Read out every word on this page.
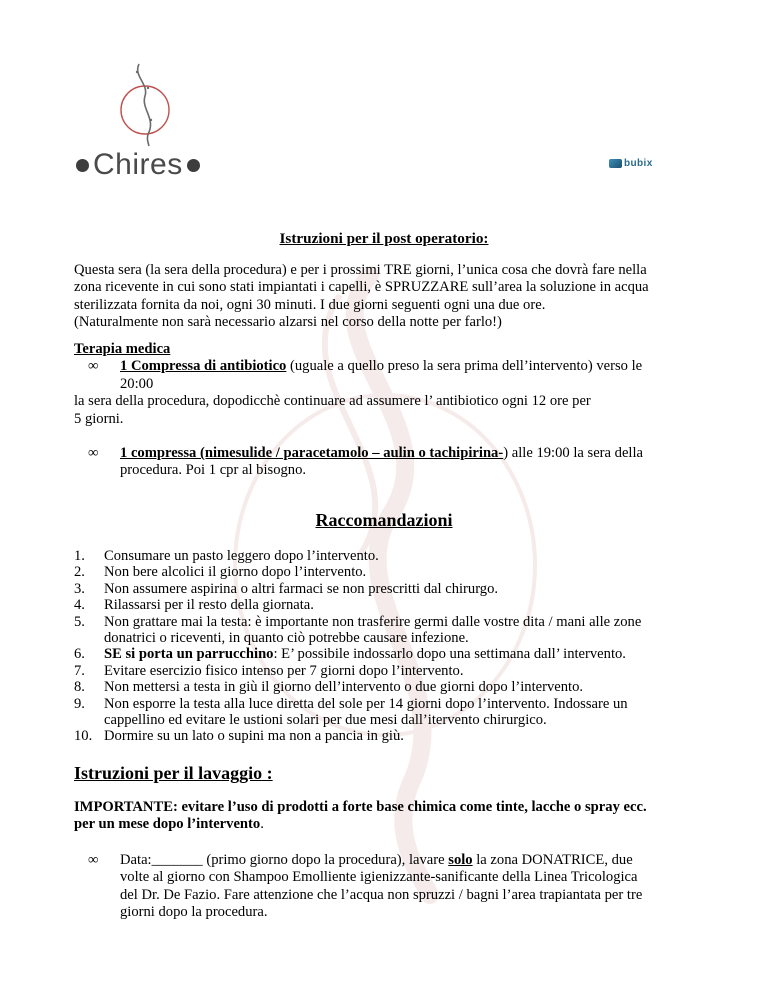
Chires	bubix
Istruzioni per il post operatorio:
Questa sera (la sera della procedura) e per i prossimi TRE giorni, l’unica cosa che dovrà fare nella
zona ricevente in cui sono stati impiantati i capelli, è SPRUZZARE sull’area la soluzione in acqua
sterilizzata fornita da noi, ogni 30 minuti. I due giorni seguenti ogni una due ore.
(Naturalmente non sarà necessario alzarsi nel corso della notte per farlo!)
Terapia medica
∞ 1 Compressa di antibiotico (uguale a quello preso la sera prima dell’intervento) verso le
20:00
la sera della procedura, dopodicchè continuare ad assumere l’ antibiotico ogni 12 ore per
5 giorni.
∞ 1 compressa (nimesulide / paracetamolo – aulin o tachipirina-) alle 19:00 la sera della
procedura. Poi 1 cpr al bisogno.
Raccomandazioni
1.	Consumare un pasto leggero dopo l’intervento.
2.	Non bere alcolici il giorno dopo l’intervento.
3.	Non assumere aspirina o altri farmaci se non prescritti dal chirurgo.
4.	Rilassarsi per il resto della giornata.
5.	Non grattare mai la testa: è importante non trasferire germi dalle vostre dita / mani alle zone
donatrici o riceventi, in quanto ciò potrebbe causare infezione.
6.	SE si porta un parrucchino: E’ possibile indossarlo dopo una settimana dall’ intervento.
7.	Evitare esercizio fisico intenso per 7 giorni dopo l’intervento.
8.	Non mettersi a testa in giù il giorno dell’intervento o due giorni dopo l’intervento.
9.	Non esporre la testa alla luce diretta del sole per 14 giorni dopo l’intervento. Indossare un
cappellino ed evitare le ustioni solari per due mesi dall’itervento chirurgico.
10. Dormire su un lato o supini ma non a pancia in giù.
Istruzioni per il lavaggio :
IMPORTANTE: evitare l’uso di prodotti a forte base chimica come tinte, lacche o spray ecc.
per un mese dopo l’intervento.
∞ Data:_______ (primo giorno dopo la procedura), lavare solo la zona DONATRICE, due
volte al giorno con Shampoo Emolliente igienizzante-sanificante della Linea Tricologica
del Dr. De Fazio. Fare attenzione che l’acqua non spruzzi / bagni l’area trapiantata per tre
giorni dopo la procedura.
